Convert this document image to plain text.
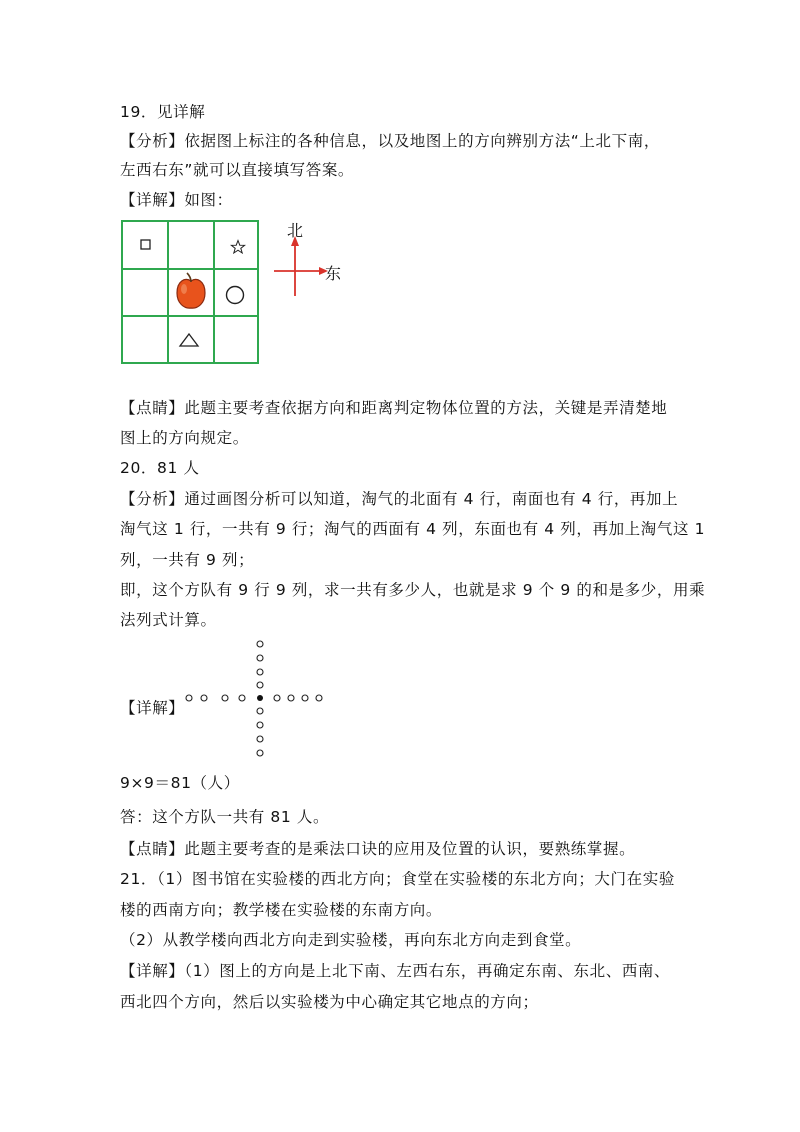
19．见详解
【分析】依据图上标注的各种信息，以及地图上的方向辨别方法“上北下南，
左西右东”就可以直接填写答案。
【详解】如图：
北
东
【点睛】此题主要考查依据方向和距离判定物体位置的方法，关键是弄清楚地
图上的方向规定。
20．81 人
【分析】通过画图分析可以知道，淘气的北面有 4 行，南面也有 4 行，再加上
淘气这 1 行，一共有 9 行；淘气的西面有 4 列，东面也有 4 列，再加上淘气这 1
列，一共有 9 列；
即，这个方队有 9 行 9 列，求一共有多少人，也就是求 9 个 9 的和是多少，用乘
法列式计算。
【详解】
9×9＝81（人）
答：这个方队一共有 81 人。
【点睛】此题主要考查的是乘法口诀的应用及位置的认识，要熟练掌握。
21．（1）图书馆在实验楼的西北方向；食堂在实验楼的东北方向；大门在实验
楼的西南方向；教学楼在实验楼的东南方向。
（2）从教学楼向西北方向走到实验楼，再向东北方向走到食堂。
【详解】（1）图上的方向是上北下南、左西右东，再确定东南、东北、西南、
西北四个方向，然后以实验楼为中心确定其它地点的方向；
